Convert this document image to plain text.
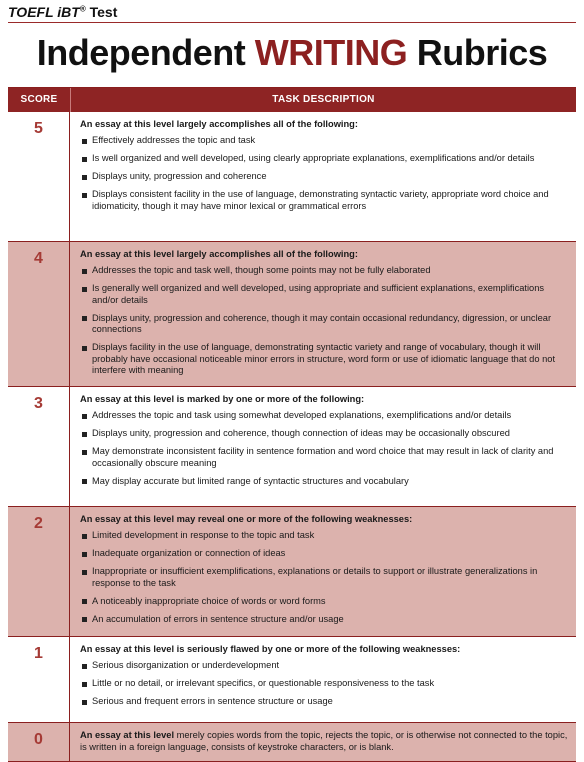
TOEFL iBT® Test
Independent WRITING Rubrics
SCORE	TASK DESCRIPTION
5	An essay at this level largely accomplishes all of the following:

Effectively addresses the topic and task
Is well organized and well developed, using clearly appropriate explanations, exemplifications and/or details
Displays unity, progression and coherence
Displays consistent facility in the use of language, demonstrating syntactic variety, appropriate word choice and idiomaticity, though it may have minor lexical or grammatical errors
4	An essay at this level largely accomplishes all of the following:

Addresses the topic and task well, though some points may not be fully elaborated
Is generally well organized and well developed, using appropriate and sufficient explanations, exemplifications and/or details
Displays unity, progression and coherence, though it may contain occasional redundancy, digression, or unclear connections
Displays facility in the use of language, demonstrating syntactic variety and range of vocabulary, though it will probably have occasional noticeable minor errors in structure, word form or use of idiomatic language that do not interfere with meaning
3	An essay at this level is marked by one or more of the following:

Addresses the topic and task using somewhat developed explanations, exemplifications and/or details
Displays unity, progression and coherence, though connection of ideas may be occasionally obscured
May demonstrate inconsistent facility in sentence formation and word choice that may result in lack of clarity and occasionally obscure meaning
May display accurate but limited range of syntactic structures and vocabulary
2	An essay at this level may reveal one or more of the following weaknesses:

Limited development in response to the topic and task
Inadequate organization or connection of ideas
Inappropriate or insufficient exemplifications, explanations or details to support or illustrate generalizations in response to the task
A noticeably inappropriate choice of words or word forms
An accumulation of errors in sentence structure and/or usage
1	An essay at this level is seriously flawed by one or more of the following weaknesses:

Serious disorganization or underdevelopment
Little or no detail, or irrelevant specifics, or questionable responsiveness to the task
Serious and frequent errors in sentence structure or usage
0	An essay at this level merely copies words from the topic, rejects the topic, or is otherwise not connected to the topic, is written in a foreign language, consists of keystroke characters, or is blank.
